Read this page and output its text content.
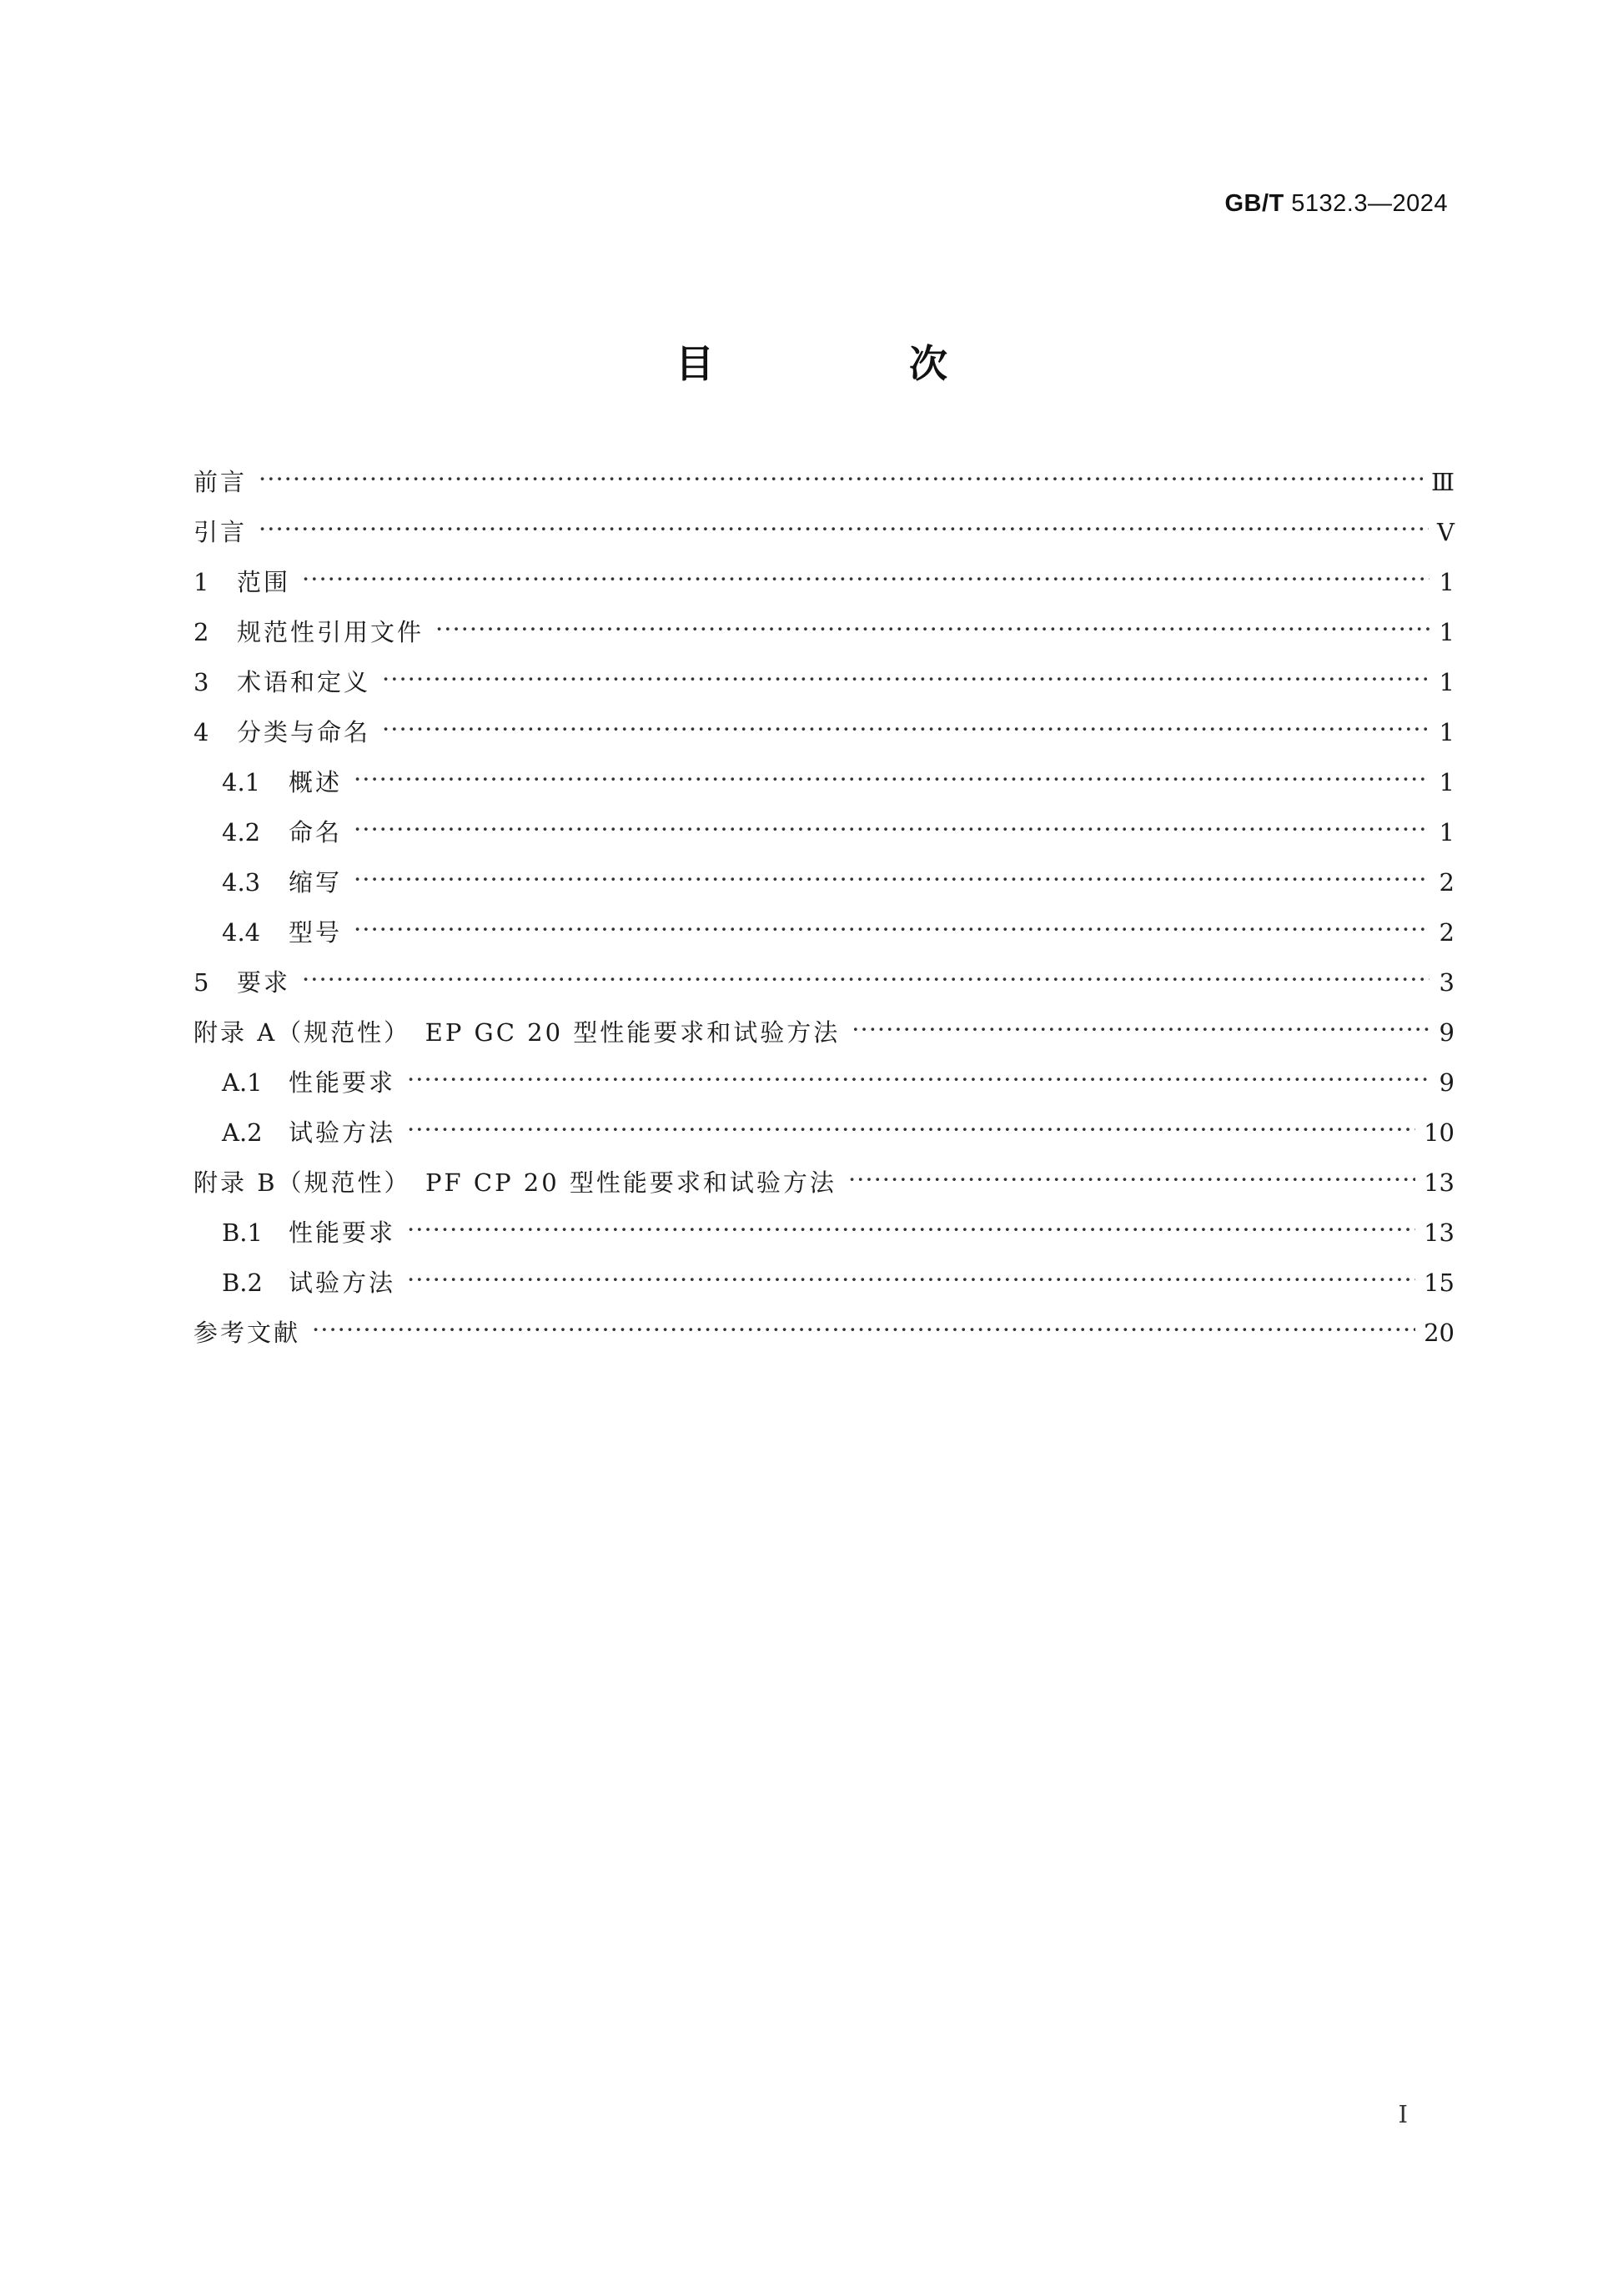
GB/T 5132.3—2024
目　次
前言 ·····	Ⅲ
引言 ·····	Ⅴ
1	范围 ·····	1
2	规范性引用文件 ·····	1
3	术语和定义 ·····	1
4	分类与命名 ·····	1
4.1	概述 ·····	1
4.2	命名 ·····	1
4.3	缩写 ·····	2
4.4	型号 ·····	2
5	要求 ·····	3
附录 A（规范性）　EP GC 20 型性能要求和试验方法 ·····	9
A.1	性能要求 ·····	9
A.2	试验方法 ·····	10
附录 B（规范性）　PF CP 20 型性能要求和试验方法 ·····	13
B.1	性能要求 ·····	13
B.2	试验方法 ·····	15
参考文献 ·····	20
Ⅰ
